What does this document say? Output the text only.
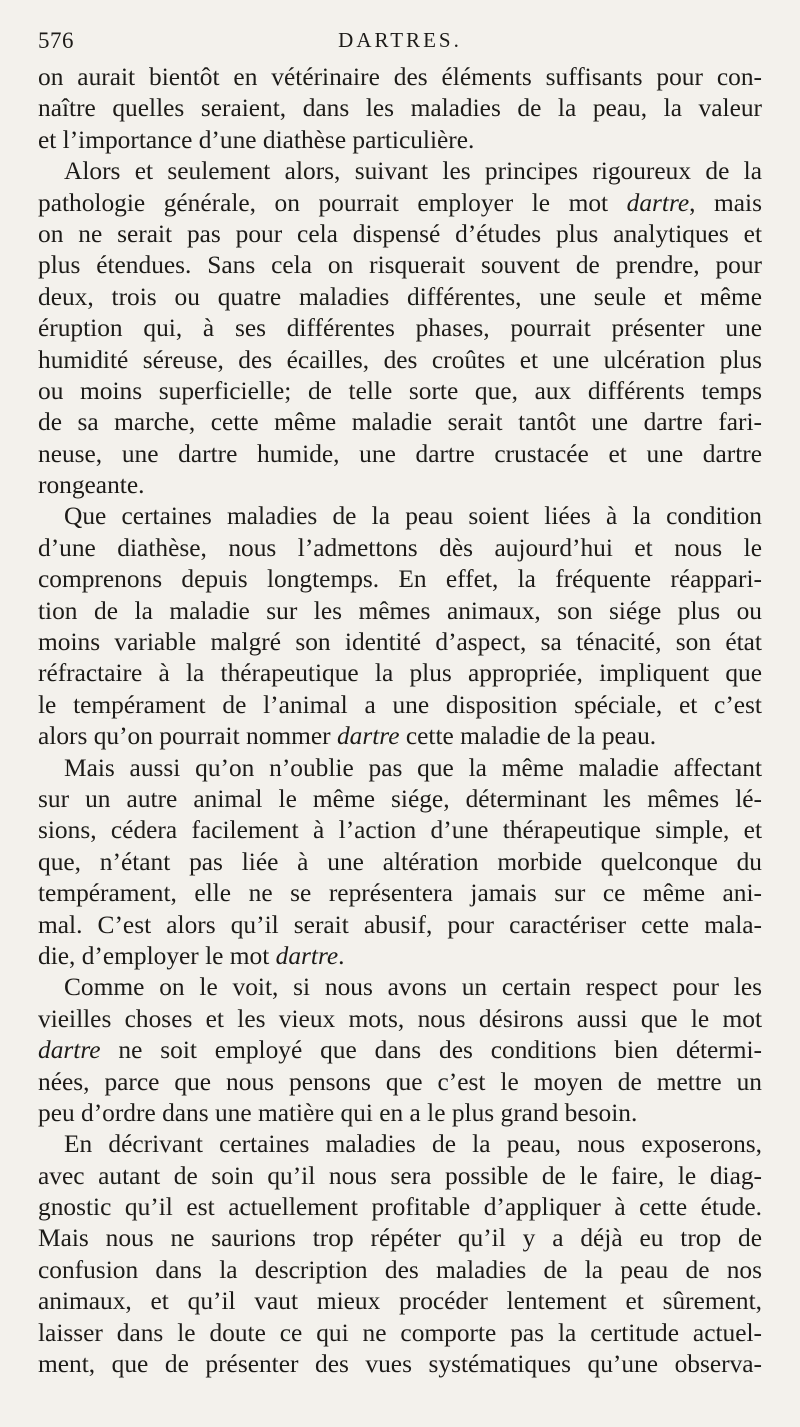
576	DARTRES.
on aurait bientôt en vétérinaire des éléments suffisants pour con-
naître quelles seraient, dans les maladies de la peau, la valeur
et l’importance d’une diathèse particulière.
Alors et seulement alors, suivant les principes rigoureux de la
pathologie générale, on pourrait employer le mot dartre, mais
on ne serait pas pour cela dispensé d’études plus analytiques et
plus étendues. Sans cela on risquerait souvent de prendre, pour
deux, trois ou quatre maladies différentes, une seule et même
éruption qui, à ses différentes phases, pourrait présenter une
humidité séreuse, des écailles, des croûtes et une ulcération plus
ou moins superficielle; de telle sorte que, aux différents temps
de sa marche, cette même maladie serait tantôt une dartre fari-
neuse, une dartre humide, une dartre crustacée et une dartre
rongeante.
Que certaines maladies de la peau soient liées à la condition
d’une diathèse, nous l’admettons dès aujourd’hui et nous le
comprenons depuis longtemps. En effet, la fréquente réappari-
tion de la maladie sur les mêmes animaux, son siége plus ou
moins variable malgré son identité d’aspect, sa ténacité, son état
réfractaire à la thérapeutique la plus appropriée, impliquent que
le tempérament de l’animal a une disposition spéciale, et c’est
alors qu’on pourrait nommer dartre cette maladie de la peau.
Mais aussi qu’on n’oublie pas que la même maladie affectant
sur un autre animal le même siége, déterminant les mêmes lé-
sions, cédera facilement à l’action d’une thérapeutique simple, et
que, n’étant pas liée à une altération morbide quelconque du
tempérament, elle ne se représentera jamais sur ce même ani-
mal. C’est alors qu’il serait abusif, pour caractériser cette mala-
die, d’employer le mot dartre.
Comme on le voit, si nous avons un certain respect pour les
vieilles choses et les vieux mots, nous désirons aussi que le mot
dartre ne soit employé que dans des conditions bien détermi-
nées, parce que nous pensons que c’est le moyen de mettre un
peu d’ordre dans une matière qui en a le plus grand besoin.
En décrivant certaines maladies de la peau, nous exposerons,
avec autant de soin qu’il nous sera possible de le faire, le diag-
gnostic qu’il est actuellement profitable d’appliquer à cette étude.
Mais nous ne saurions trop répéter qu’il y a déjà eu trop de
confusion dans la description des maladies de la peau de nos
animaux, et qu’il vaut mieux procéder lentement et sûrement,
laisser dans le doute ce qui ne comporte pas la certitude actuel-
ment, que de présenter des vues systématiques qu’une observa-
